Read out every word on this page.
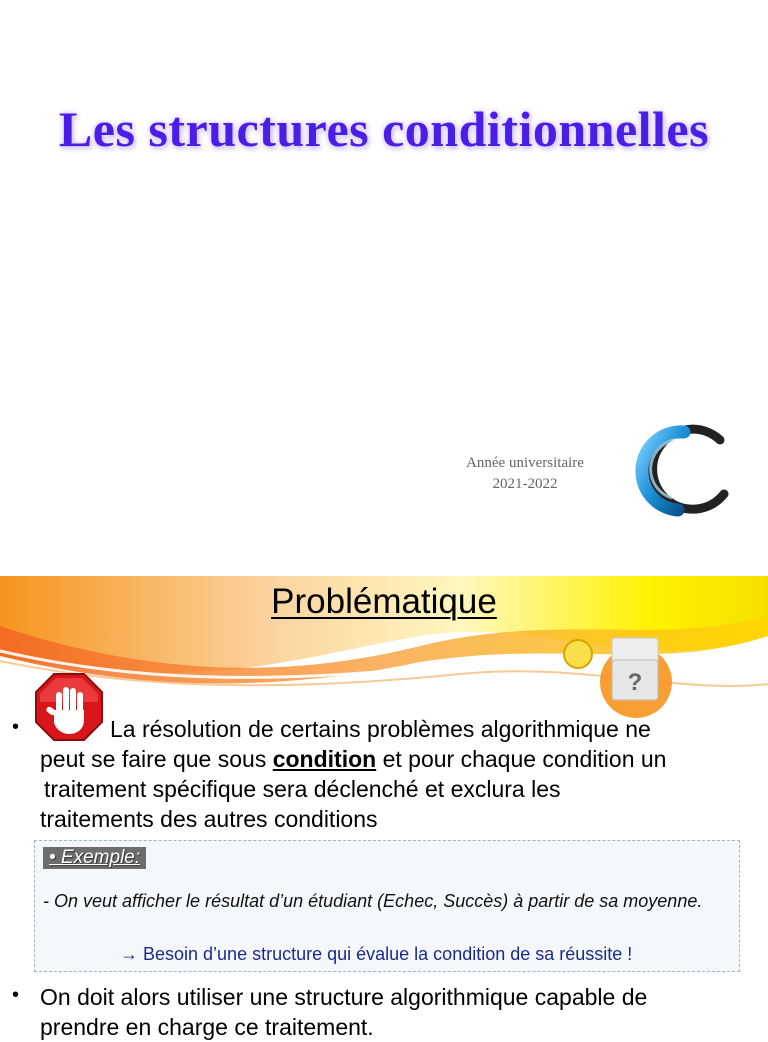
Les structures conditionnelles
Année universitaire
2021-2022
Problématique
?
•	La résolution de certains problèmes algorithmique ne
peut se faire que sous condition et pour chaque condition un
traitement spécifique sera déclenché et exclura les
traitements des autres conditions
• Exemple:
- On veut afficher le résultat d’un étudiant (Echec, Succès) à partir de sa moyenne.
→ Besoin d’une structure qui évalue la condition de sa réussite !
• On doit alors utiliser une structure algorithmique capable de
prendre en charge ce traitement.
